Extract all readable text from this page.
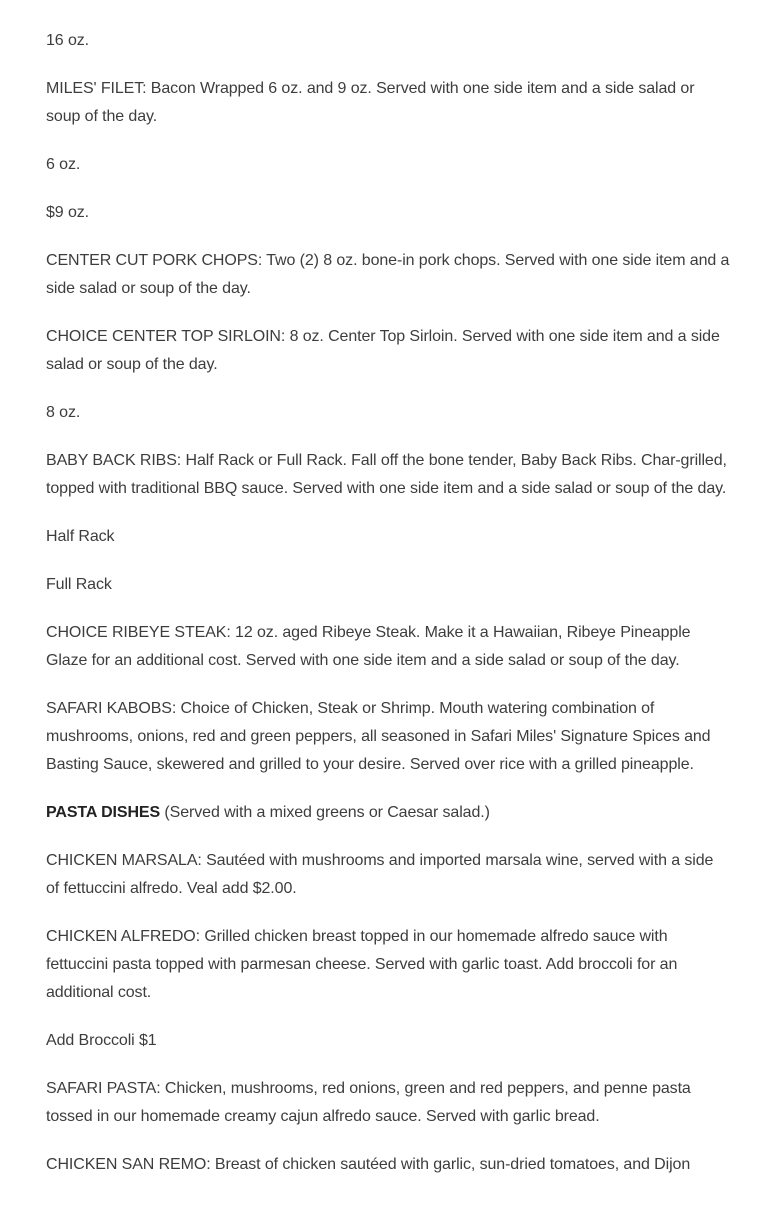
16 oz.

MILES' FILET: Bacon Wrapped 6 oz. and 9 oz. Served with one side item and a side salad or soup of the day.

6 oz.

$9 oz.

CENTER CUT PORK CHOPS: Two (2) 8 oz. bone-in pork chops. Served with one side item and a side salad or soup of the day.

CHOICE CENTER TOP SIRLOIN: 8 oz. Center Top Sirloin. Served with one side item and a side salad or soup of the day.

8 oz.

BABY BACK RIBS: Half Rack or Full Rack. Fall off the bone tender, Baby Back Ribs. Char-grilled, topped with traditional BBQ sauce. Served with one side item and a side salad or soup of the day.

Half Rack

Full Rack

CHOICE RIBEYE STEAK: 12 oz. aged Ribeye Steak. Make it a Hawaiian, Ribeye Pineapple Glaze for an additional cost. Served with one side item and a side salad or soup of the day.

SAFARI KABOBS: Choice of Chicken, Steak or Shrimp. Mouth watering combination of mushrooms, onions, red and green peppers, all seasoned in Safari Miles' Signature Spices and Basting Sauce, skewered and grilled to your desire. Served over rice with a grilled pineapple.

PASTA DISHES (Served with a mixed greens or Caesar salad.)

CHICKEN MARSALA: Sautéed with mushrooms and imported marsala wine, served with a side of fettuccini alfredo. Veal add $2.00.

CHICKEN ALFREDO: Grilled chicken breast topped in our homemade alfredo sauce with fettuccini pasta topped with parmesan cheese. Served with garlic toast. Add broccoli for an additional cost.

Add Broccoli $1

SAFARI PASTA: Chicken, mushrooms, red onions, green and red peppers, and penne pasta tossed in our homemade creamy cajun alfredo sauce. Served with garlic bread.

CHICKEN SAN REMO: Breast of chicken sautéed with garlic, sun-dried tomatoes, and Dijon
